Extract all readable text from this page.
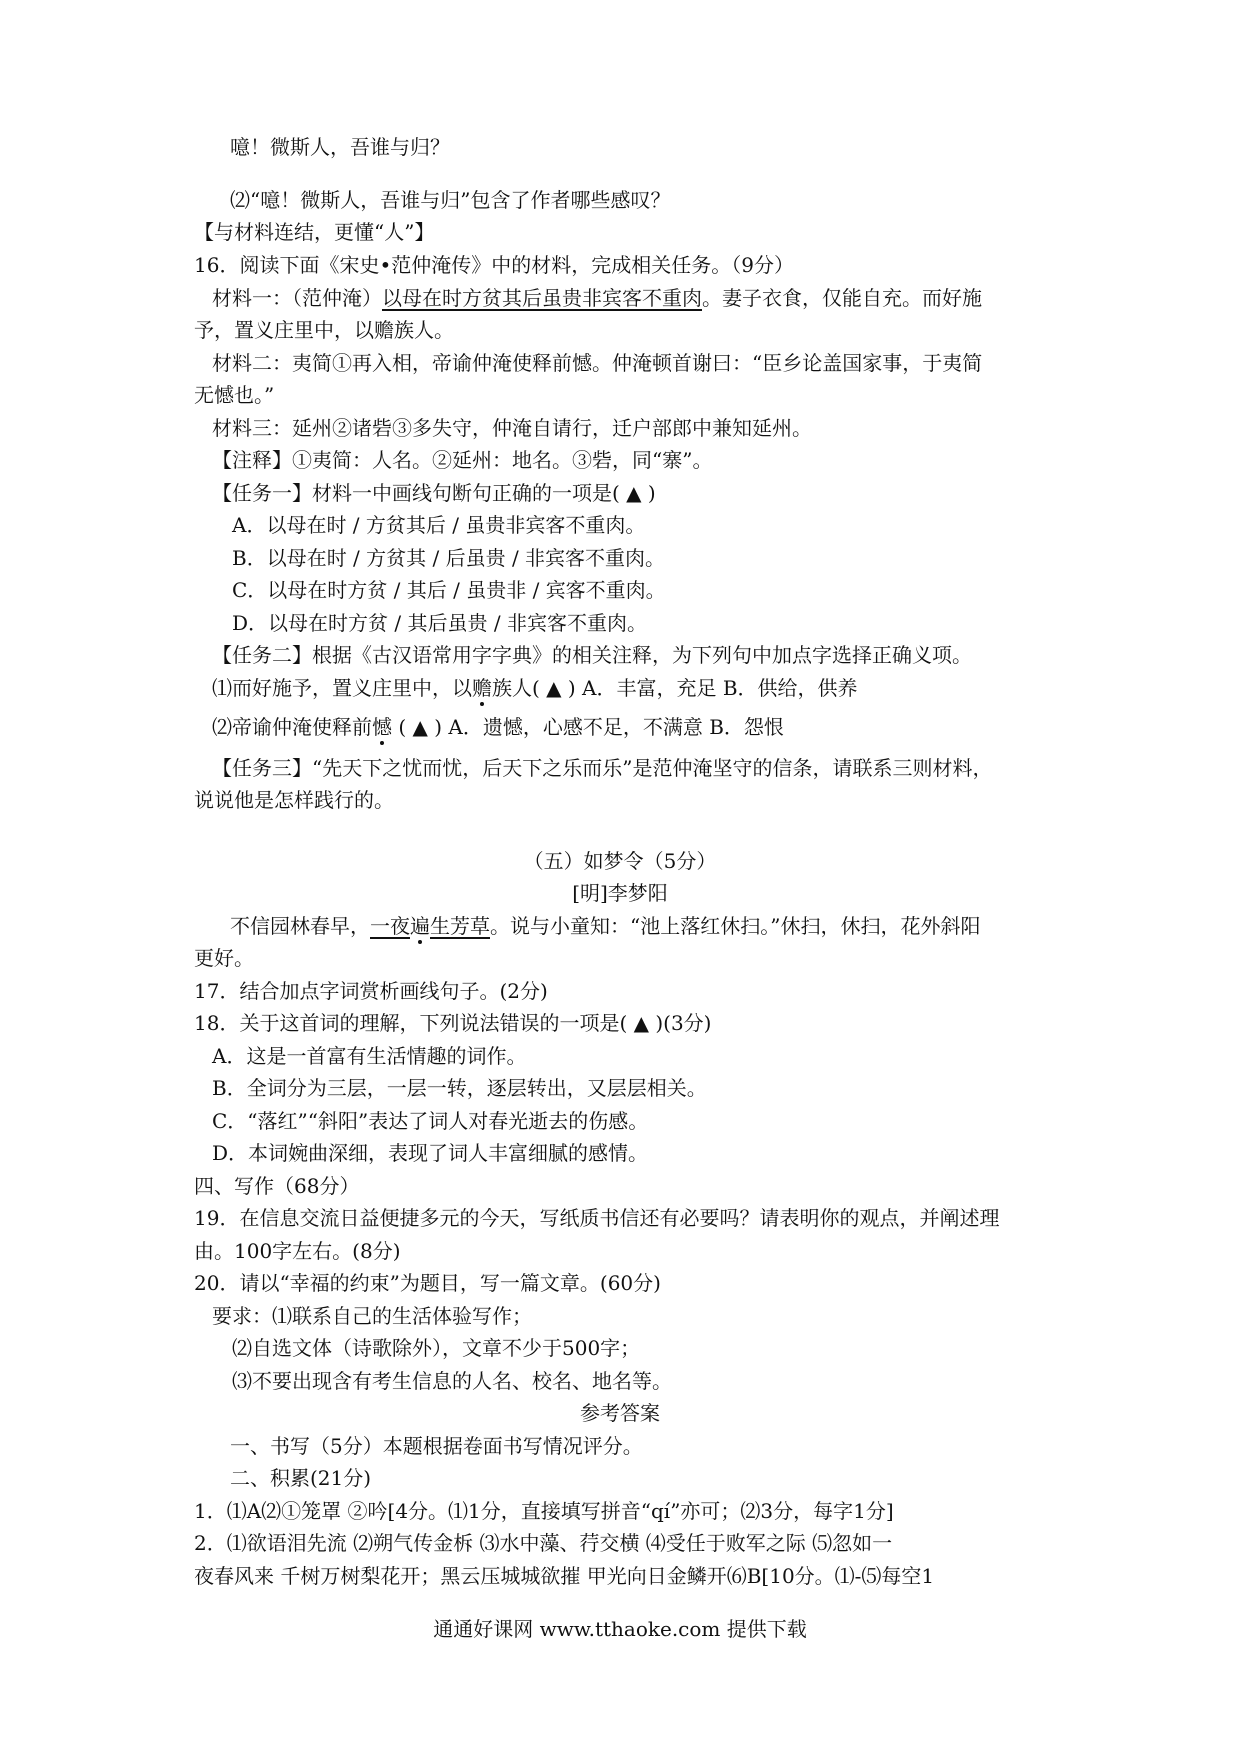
噫！微斯人，吾谁与归？
⑵“噫！微斯人，吾谁与归”包含了作者哪些感叹？
【与材料连结，更懂“人”】
16．阅读下面《宋史•范仲淹传》中的材料，完成相关任务。（9分）
材料一：（范仲淹）以母在时方贫其后虽贵非宾客不重肉。妻子衣食，仅能自充。而好施
予，置义庄里中，以赡族人。
材料二：夷简①再入相，帝谕仲淹使释前憾。仲淹顿首谢曰：“臣乡论盖国家事，于夷简
无憾也。”
材料三：延州②诸砦③多失守，仲淹自请行，迁户部郎中兼知延州。
【注释】①夷简：人名。②延州：地名。③砦，同“寨”。
【任务一】材料一中画线句断句正确的一项是( ▲ )
A．以母在时 / 方贫其后 / 虽贵非宾客不重肉。
B．以母在时 / 方贫其 / 后虽贵 / 非宾客不重肉。
C．以母在时方贫 / 其后 / 虽贵非 / 宾客不重肉。
D．以母在时方贫 / 其后虽贵 / 非宾客不重肉。
【任务二】根据《古汉语常用字字典》的相关注释，为下列句中加点字选择正确义项。
⑴而好施予，置义庄里中，以赡族人( ▲ ) A．丰富，充足 B．供给，供养
⑵帝谕仲淹使释前憾 ( ▲ ) A．遗憾，心感不足，不满意 B．怨恨
【任务三】“先天下之忧而忧，后天下之乐而乐”是范仲淹坚守的信条，请联系三则材料，
说说他是怎样践行的。
（五）如梦令（5分）
[明]李梦阳
不信园林春早，一夜遍生芳草。说与小童知：“池上落红休扫。”休扫，休扫，花外斜阳
更好。
17．结合加点字词赏析画线句子。(2分)
18．关于这首词的理解，下列说法错误的一项是( ▲ )(3分)
A．这是一首富有生活情趣的词作。
B．全词分为三层，一层一转，逐层转出，又层层相关。
C．“落红”“斜阳”表达了词人对春光逝去的伤感。
D．本词婉曲深细，表现了词人丰富细腻的感情。
四、写作（68分）
19．在信息交流日益便捷多元的今天，写纸质书信还有必要吗？请表明你的观点，并阐述理
由。100字左右。(8分)
20．请以“幸福的约束”为题目，写一篇文章。(60分)
要求：⑴联系自己的生活体验写作；
⑵自选文体（诗歌除外），文章不少于500字；
⑶不要出现含有考生信息的人名、校名、地名等。
参考答案
一、书写（5分）本题根据卷面书写情况评分。
二、积累(21分)
1．⑴A⑵①笼罩 ②吟[4分。⑴1分，直接填写拼音“qí”亦可；⑵3分，每字1分]
2．⑴欲语泪先流 ⑵朔气传金柝 ⑶水中藻、荇交横 ⑷受任于败军之际 ⑸忽如一
夜春风来 千树万树梨花开；黑云压城城欲摧 甲光向日金鳞开⑹B[10分。⑴-⑸每空1
通通好课网 www.tthaoke.com 提供下载
